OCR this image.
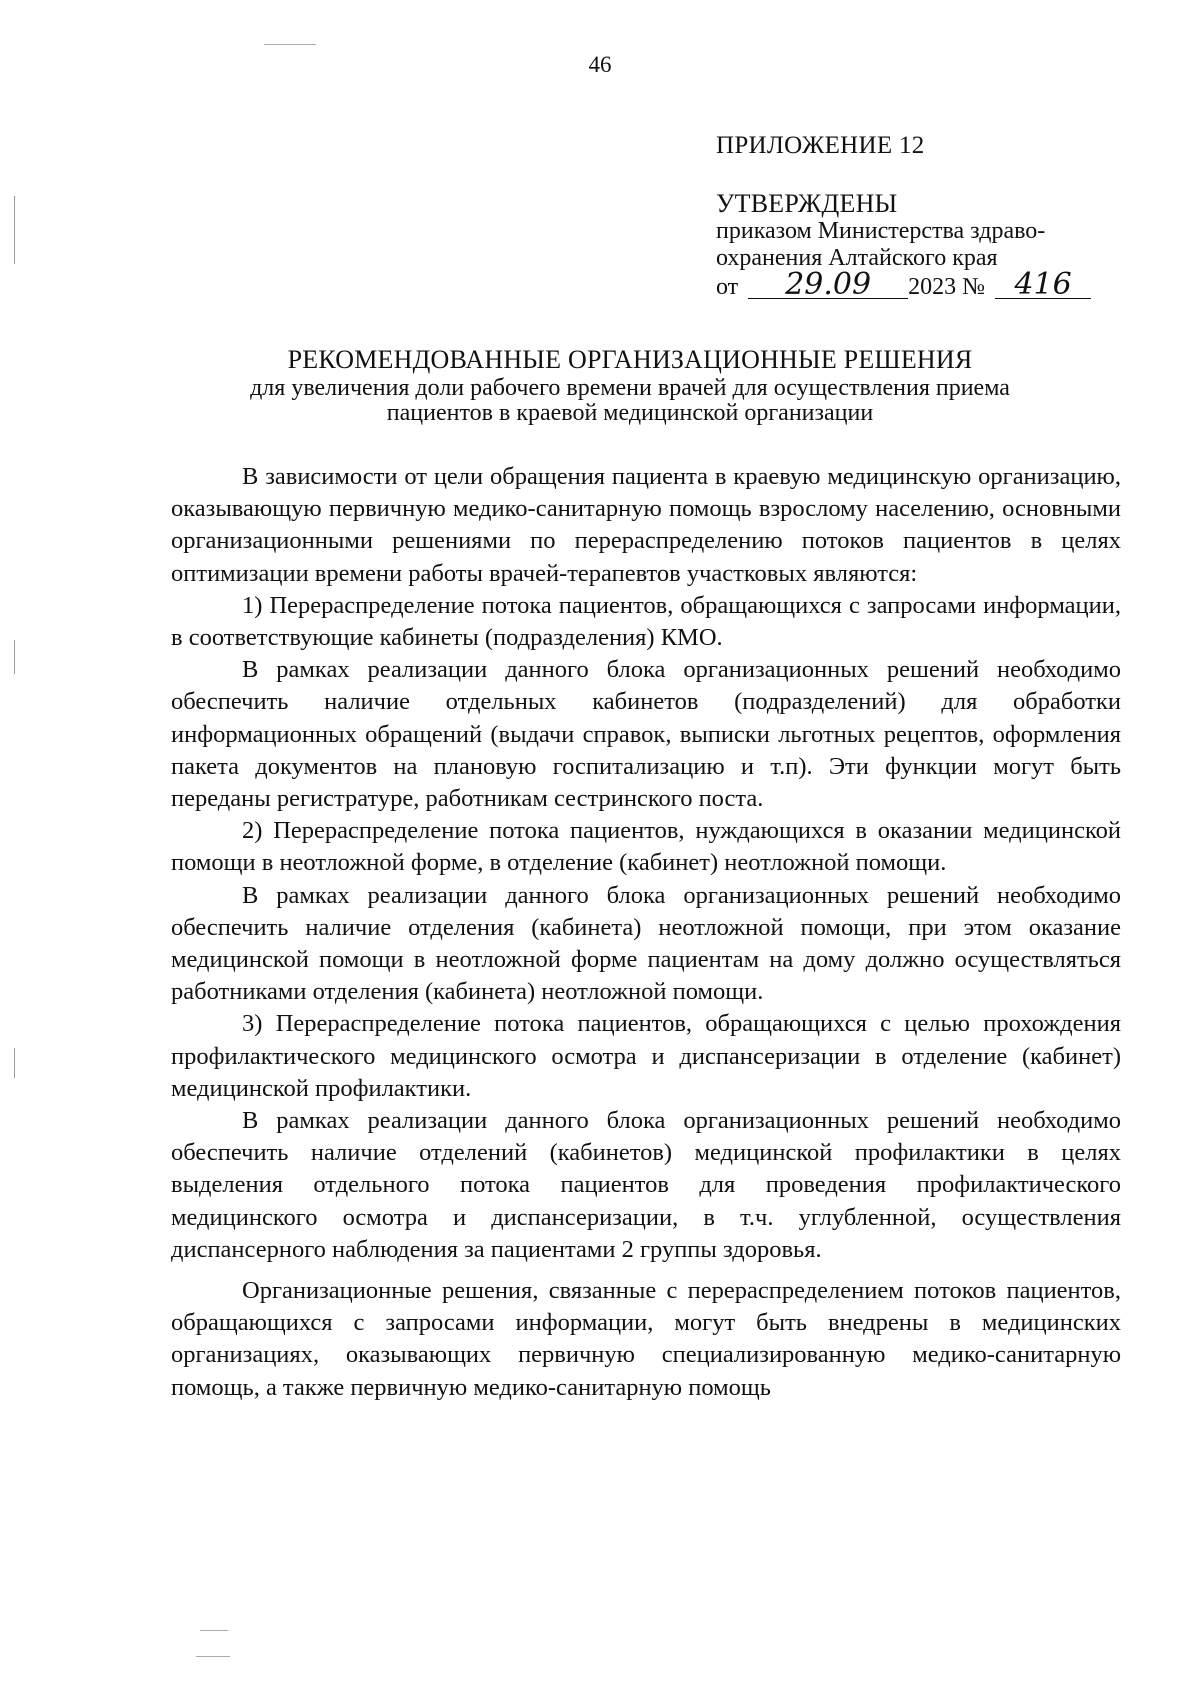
46
ПРИЛОЖЕНИЕ 12
УТВЕРЖДЕНЫ
приказом Министерства здраво-
охранения Алтайского края
от 29.09 2023 № 416
РЕКОМЕНДОВАННЫЕ ОРГАНИЗАЦИОННЫЕ РЕШЕНИЯ
для увеличения доли рабочего времени врачей для осуществления приема
пациентов в краевой медицинской организации

В зависимости от цели обращения пациента в краевую медицинскую организацию, оказывающую первичную медико-санитарную помощь взрослому населению, основными организационными решениями по перераспределению потоков пациентов в целях оптимизации времени работы врачей-терапевтов участковых являются:

1) Перераспределение потока пациентов, обращающихся с запросами информации, в соответствующие кабинеты (подразделения) КМО.

В рамках реализации данного блока организационных решений необходимо обеспечить наличие отдельных кабинетов (подразделений) для обработки информационных обращений (выдачи справок, выписки льготных рецептов, оформления пакета документов на плановую госпитализацию и т.п). Эти функции могут быть переданы регистратуре, работникам сестринского поста.

2) Перераспределение потока пациентов, нуждающихся в оказании медицинской помощи в неотложной форме, в отделение (кабинет) неотложной помощи.

В рамках реализации данного блока организационных решений необходимо обеспечить наличие отделения (кабинета) неотложной помощи, при этом оказание медицинской помощи в неотложной форме пациентам на дому должно осуществляться работниками отделения (кабинета) неотложной помощи.

3) Перераспределение потока пациентов, обращающихся с целью прохождения профилактического медицинского осмотра и диспансеризации в отделение (кабинет) медицинской профилактики.

В рамках реализации данного блока организационных решений необходимо обеспечить наличие отделений (кабинетов) медицинской профилактики в целях выделения отдельного потока пациентов для проведения профилактического медицинского осмотра и диспансеризации, в т.ч. углубленной, осуществления диспансерного наблюдения за пациентами 2 группы здоровья.

Организационные решения, связанные с перераспределением потоков пациентов, обращающихся с запросами информации, могут быть внедрены в медицинских организациях, оказывающих первичную специализированную медико-санитарную помощь, а также первичную медико-санитарную помощь
